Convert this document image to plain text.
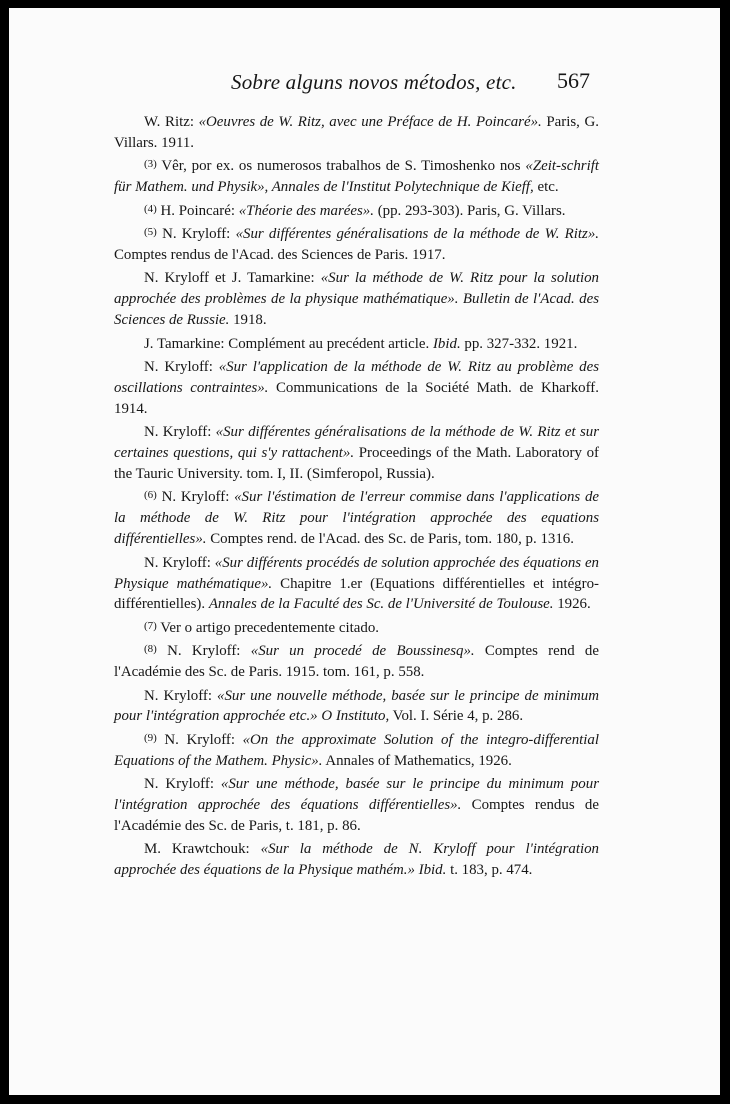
Sobre alguns novos métodos, etc. 567

W. Ritz: «Oeuvres de W. Ritz, avec une Préface de H. Poincaré». Paris, G. Villars. 1911.

$^{(3)}$ Vêr, por ex. os numerosos trabalhos de S. Timoshenko nos «Zeit-schrift für Mathem. und Physik», Annales de l'Institut Polytechnique de Kieff, etc.

$^{(4)}$ H. Poincaré: «Théorie des marées». (pp. 293-303). Paris, G. Villars.

$^{(5)}$ N. Kryloff: «Sur différentes généralisations de la méthode de W. Ritz». Comptes rendus de l'Acad. des Sciences de Paris. 1917.

N. Kryloff et J. Tamarkine: «Sur la méthode de W. Ritz pour la solution approchée des problèmes de la physique mathématique». Bulletin de l'Acad. des Sciences de Russie. 1918.

J. Tamarkine: Complément au precédent article. Ibid. pp. 327-332. 1921.

N. Kryloff: «Sur l'application de la méthode de W. Ritz au problème des oscillations contraintes». Communications de la Société Math. de Kharkoff. 1914.

N. Kryloff: «Sur différentes généralisations de la méthode de W. Ritz et sur certaines questions, qui s'y rattachent». Proceedings of the Math. Laboratory of the Tauric University. tom. I, II. (Simferopol, Russia).

$^{(6)}$ N. Kryloff: «Sur l'éstimation de l'erreur commise dans l'applications de la méthode de W. Ritz pour l'intégration approchée des equations différentielles». Comptes rend. de l'Acad. des Sc. de Paris, tom. 180, p. 1316.

N. Kryloff: «Sur différents procédés de solution approchée des équations en Physique mathématique». Chapitre 1.er (Equations différentielles et intégro-différentielles). Annales de la Faculté des Sc. de l'Université de Toulouse. 1926.

$^{(7)}$ Ver o artigo precedentemente citado.

$^{(8)}$ N. Kryloff: «Sur un procedé de Boussinesq». Comptes rend de l'Académie des Sc. de Paris. 1915. tom. 161, p. 558.

N. Kryloff: «Sur une nouvelle méthode, basée sur le principe de minimum pour l'intégration approchée etc.» O Instituto, Vol. I. Série 4, p. 286.

$^{(9)}$ N. Kryloff: «On the approximate Solution of the integro-differential Equations of the Mathem. Physic». Annales of Mathematics, 1926.

N. Kryloff: «Sur une méthode, basée sur le principe du minimum pour l'intégration approchée des équations différentielles». Comptes rendus de l'Académie des Sc. de Paris, t. 181, p. 86.

M. Krawtchouk: «Sur la méthode de N. Kryloff pour l'intégration approchée des équations de la Physique mathém.» Ibid. t. 183, p. 474.
